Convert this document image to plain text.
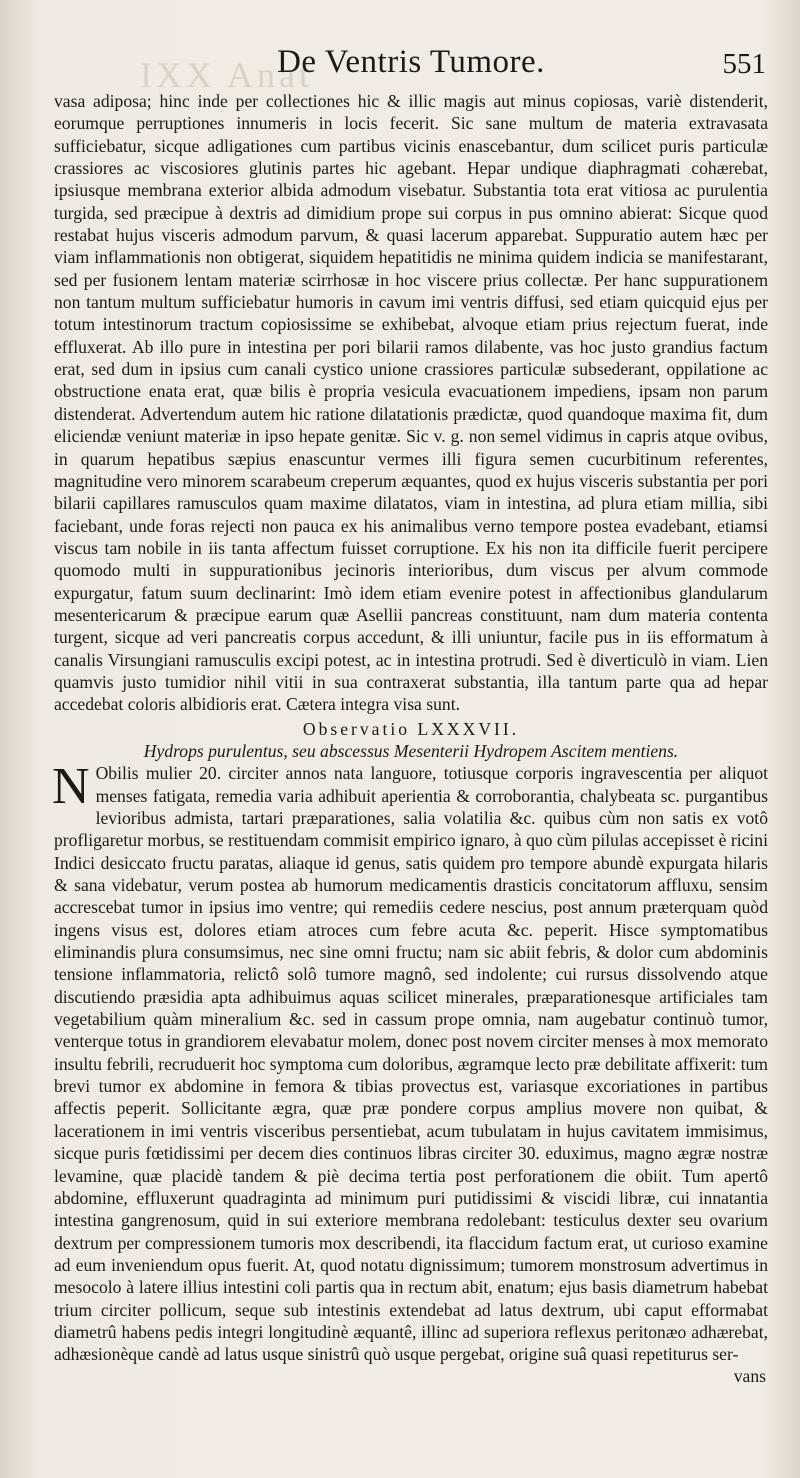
IXX Anat
De Ventris Tumore.	551

vasa adiposa; hinc inde per collectiones hic & illic magis aut minus copiosas, variè distenderit, eorumque perruptiones innumeris in locis fecerit. Sic sane multum de materia extravasata sufficiebatur, sicque adligationes cum partibus vicinis enascebantur, dum scilicet puris particulæ crassiores ac viscosiores glutinis partes hic agebant. Hepar undique diaphragmati cohærebat, ipsiusque membrana exterior albida admodum visebatur. Substantia tota erat vitiosa ac purulentia turgida, sed præcipue à dextris ad dimidium prope sui corpus in pus omnino abierat: Sicque quod restabat hujus visceris admodum parvum, & quasi lacerum apparebat. Suppuratio autem hæc per viam inflammationis non obtigerat, siquidem hepatitidis ne minima quidem indicia se manifestarant, sed per fusionem lentam materiæ scirrhosæ in hoc viscere prius collectæ. Per hanc suppurationem non tantum multum sufficiebatur humoris in cavum imi ventris diffusi, sed etiam quicquid ejus per totum intestinorum tractum copiosissime se exhibebat, alvoque etiam prius rejectum fuerat, inde effluxerat. Ab illo pure in intestina per pori bilarii ramos dilabente, vas hoc justo grandius factum erat, sed dum in ipsius cum canali cystico unione crassiores particulæ subsederant, oppilatione ac obstructione enata erat, quæ bilis è propria vesicula evacuationem impediens, ipsam non parum distenderat. Advertendum autem hic ratione dilatationis prædictæ, quod quandoque maxima fit, dum eliciendæ veniunt materiæ in ipso hepate genitæ. Sic v. g. non semel vidimus in capris atque ovibus, in quarum hepatibus sæpius enascuntur vermes illi figura semen cucurbitinum referentes, magnitudine vero minorem scarabeum creperum æquantes, quod ex hujus visceris substantia per pori bilarii capillares ramusculos quam maxime dilatatos, viam in intestina, ad plura etiam millia, sibi faciebant, unde foras rejecti non pauca ex his animalibus verno tempore postea evadebant, etiamsi viscus tam nobile in iis tanta affectum fuisset corruptione. Ex his non ita difficile fuerit percipere quomodo multi in suppurationibus jecinoris interioribus, dum viscus per alvum commode expurgatur, fatum suum declinarint: Imò idem etiam evenire potest in affectionibus glandularum mesentericarum & præcipue earum quæ Asellii pancreas constituunt, nam dum materia contenta turgent, sicque ad veri pancreatis corpus accedunt, & illi uniuntur, facile pus in iis efformatum à canalis Virsungiani ramusculis excipi potest, ac in intestina protrudi. Sed è diverticulò in viam. Lien quamvis justo tumidior nihil vitii in sua contraxerat substantia, illa tantum parte qua ad hepar accedebat coloris albidioris erat. Cætera integra visa sunt.

Observatio LXXXVII.
Hydrops purulentus, seu abscessus Mesenterii Hydropem Ascitem mentiens.
N Obilis mulier 20. circiter annos nata languore, totiusque corporis ingravescentia per aliquot menses fatigata, remedia varia adhibuit aperientia & corroborantia, chalybeata sc. purgantibus levioribus admista, tartari præparationes, salia volatilia &c. quibus cùm non satis ex votô profligaretur morbus, se restituendam commisit empirico ignaro, à quo cùm pilulas accepisset è ricini Indici desiccato fructu paratas, aliaque id genus, satis quidem pro tempore abundè expurgata hilaris & sana videbatur, verum postea ab humorum medicamentis drasticis concitatorum affluxu, sensim accrescebat tumor in ipsius imo ventre; qui remediis cedere nescius, post annum præterquam quòd ingens visus est, dolores etiam atroces cum febre acuta &c. peperit. Hisce symptomatibus eliminandis plura consumsimus, nec sine omni fructu; nam sic abiit febris, & dolor cum abdominis tensione inflammatoria, relictô solô tumore magnô, sed indolente; cui rursus dissolvendo atque discutiendo præsidia apta adhibuimus aquas scilicet minerales, præparationesque artificiales tam vegetabilium quàm mineralium &c. sed in cassum prope omnia, nam augebatur continuò tumor, venterque totus in grandiorem elevabatur molem, donec post novem circiter menses à mox memorato insultu febrili, recruduerit hoc symptoma cum doloribus, ægramque lecto præ debilitate affixerit: tum brevi tumor ex abdomine in femora & tibias provectus est, variasque excoriationes in partibus affectis peperit. Sollicitante ægra, quæ præ pondere corpus amplius movere non quibat, & lacerationem in imi ventris visceribus persentiebat, acum tubulatam in hujus cavitatem immisimus, sicque puris fœtidissimi per decem dies continuos libras circiter 30. eduximus, magno ægræ nostræ levamine, quæ placidè tandem & piè decima tertia post perforationem die obiit. Tum apertô abdomine, effluxerunt quadraginta ad minimum puri putidissimi & viscidi libræ, cui innatantia intestina gangrenosum, quid in sui exteriore membrana redolebant: testiculus dexter seu ovarium dextrum per compressionem tumoris mox describendi, ita flaccidum factum erat, ut curioso examine ad eum inveniendum opus fuerit. At, quod notatu dignissimum; tumorem monstrosum advertimus in mesocolo à latere illius intestini coli partis qua in rectum abit, enatum; ejus basis diametrum habebat trium circiter pollicum, seque sub intestinis extendebat ad latus dextrum, ubi caput efformabat diametrû habens pedis integri longitudinè æquantê, illinc ad superiora reflexus peritonæo adhærebat, adhæsionèque candè ad latus usque sinistrû quò usque pergebat, origine suâ quasi repetiturus ser-
vans
